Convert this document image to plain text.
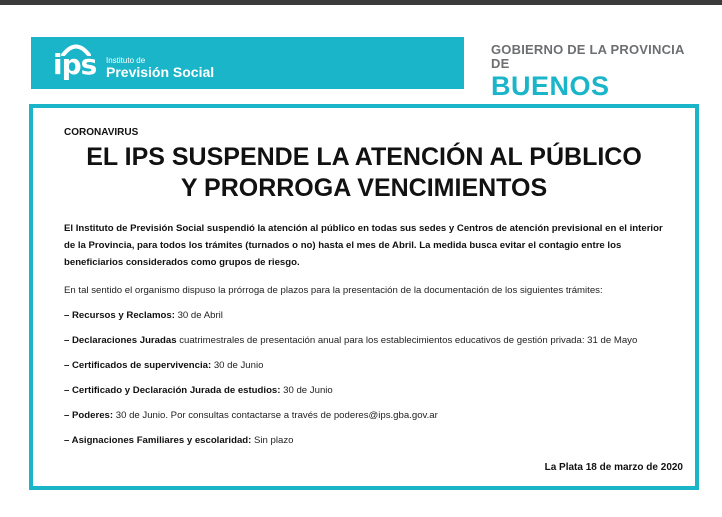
ips Instituto de
Previsión Social
GOBIERNO DE LA PROVINCIA DE
BUENOS
CORONAVIRUS
EL IPS SUSPENDE LA ATENCIÓN AL PÚBLICO
Y PRORROGA VENCIMIENTOS
El Instituto de Previsión Social suspendió la atención al público en todas sus sedes y Centros de atención previsional en el interior de la Provincia, para todos los trámites (turnados o no) hasta el mes de Abril. La medida busca evitar el contagio entre los beneficiarios considerados como grupos de riesgo.
En tal sentido el organismo dispuso la prórroga de plazos para la presentación de la documentación de los siguientes trámites:
– Recursos y Reclamos: 30 de Abril
– Declaraciones Juradas cuatrimestrales de presentación anual para los establecimientos educativos de gestión privada: 31 de Mayo
– Certificados de supervivencia: 30 de Junio
– Certificado y Declaración Jurada de estudios: 30 de Junio
– Poderes: 30 de Junio. Por consultas contactarse a través de poderes@ips.gba.gov.ar
– Asignaciones Familiares y escolaridad: Sin plazo
La Plata 18 de marzo de 2020
